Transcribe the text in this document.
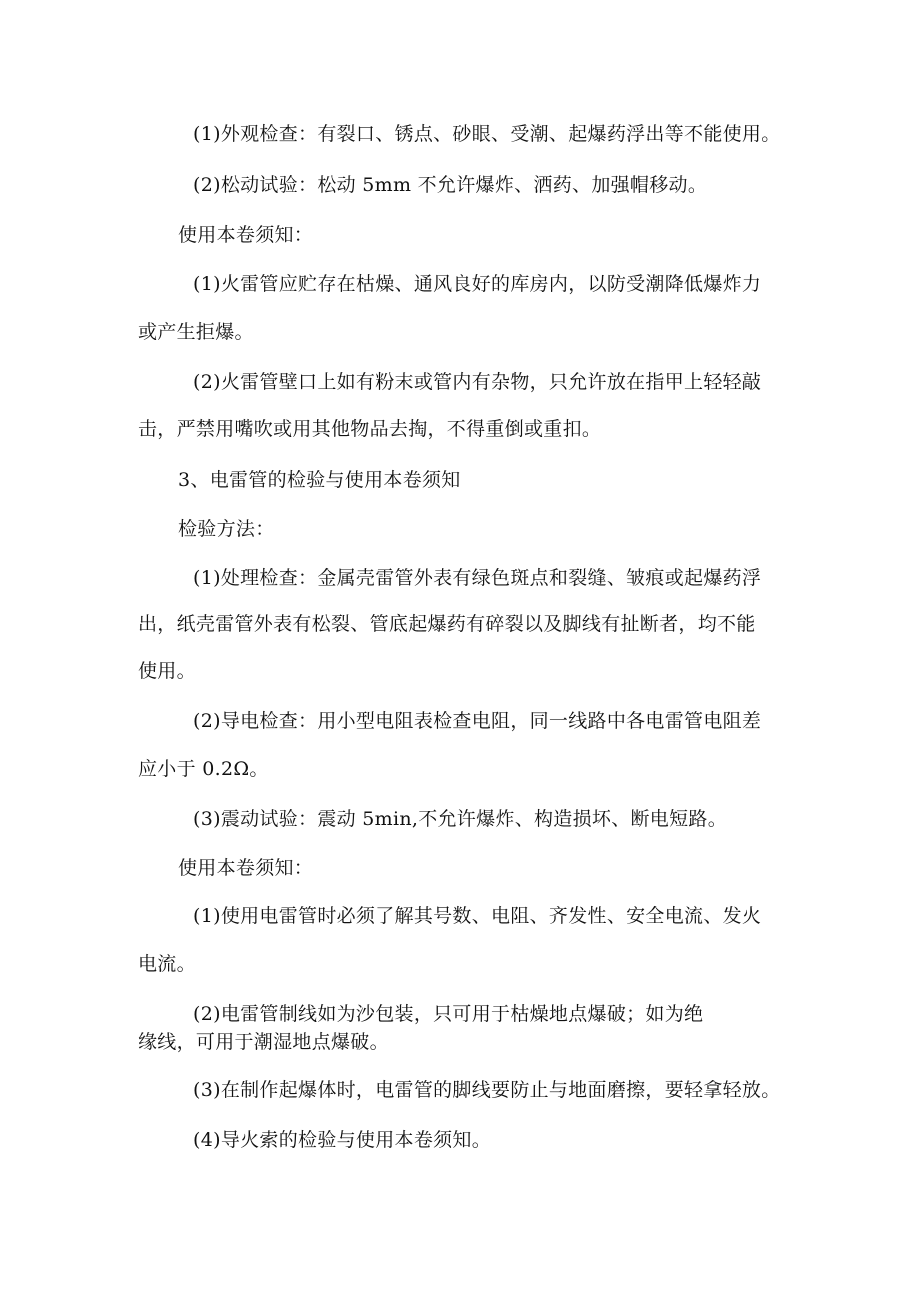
(1)外观检查：有裂口、锈点、砂眼、受潮、起爆药浮出等不能使用。
(2)松动试验：松动 5mm 不允许爆炸、洒药、加强帽移动。
使用本卷须知：
(1)火雷管应贮存在枯燥、通风良好的库房内，以防受潮降低爆炸力
或产生拒爆。
(2)火雷管壁口上如有粉末或管内有杂物，只允许放在指甲上轻轻敲
击，严禁用嘴吹或用其他物品去掏，不得重倒或重扣。
3、电雷管的检验与使用本卷须知
检验方法：
(1)处理检查：金属壳雷管外表有绿色斑点和裂缝、皱痕或起爆药浮
出，纸壳雷管外表有松裂、管底起爆药有碎裂以及脚线有扯断者，均不能
使用。
(2)导电检查：用小型电阻表检查电阻，同一线路中各电雷管电阻差
应小于 0.2Ω。
(3)震动试验：震动 5min,不允许爆炸、构造损坏、断电短路。
使用本卷须知：
(1)使用电雷管时必须了解其号数、电阻、齐发性、安全电流、发火
电流。
(2)电雷管制线如为沙包装，只可用于枯燥地点爆破；如为绝
缘线，可用于潮湿地点爆破。
(3)在制作起爆体时，电雷管的脚线要防止与地面磨擦，要轻拿轻放。
(4)导火索的检验与使用本卷须知。
